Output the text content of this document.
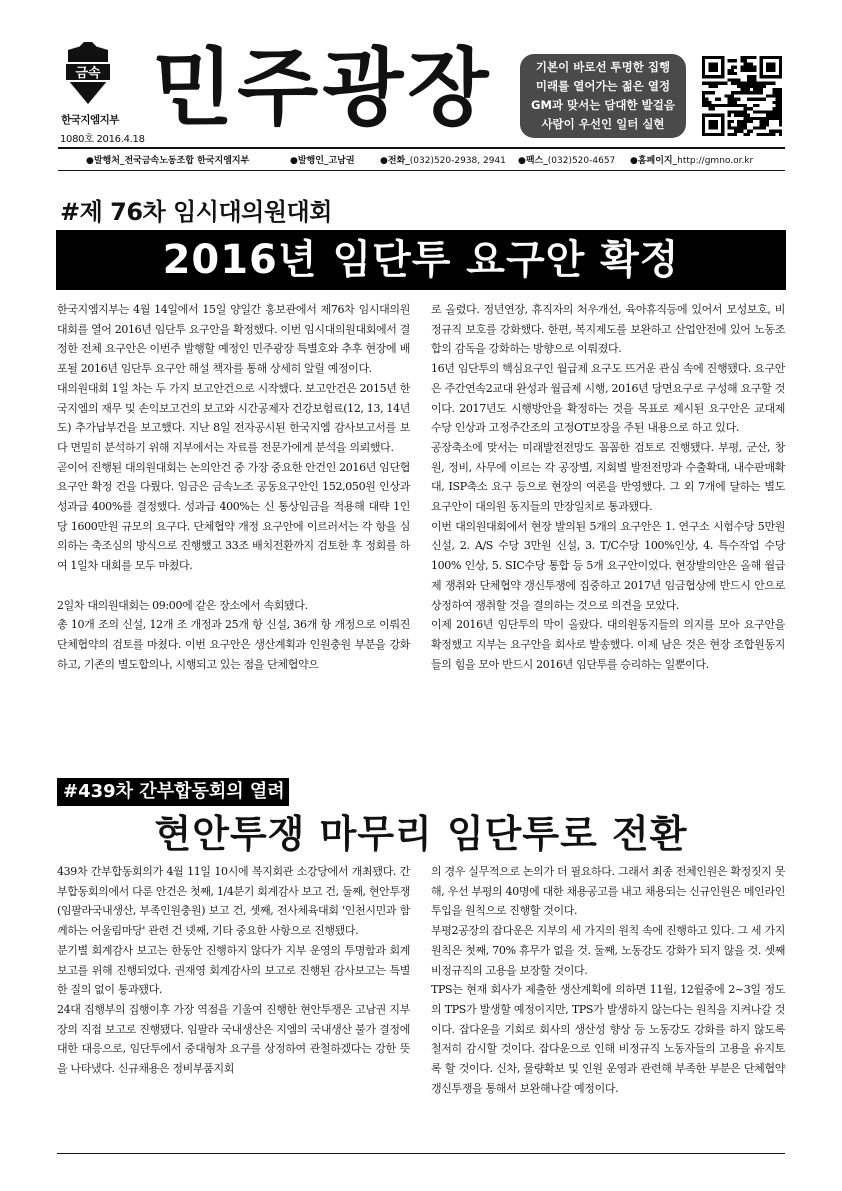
금속
한국지엠지부
1080호 2016.4.18
민주광장	기본이 바로선 투명한 집행
미래를 열어가는 젊은 열정
GM과 맞서는 담대한 발걸음
사람이 우선인 일터 실현
●발행처_전국금속노동조합 한국지엠지부	●발행인_고남권	●전화_(032)520-2938, 2941 ●팩스_(032)520-4657 ●홈페이지_http://gmno.or.kr
#제 76차 임시대의원대회
2016년 임단투 요구안 확정

한국지엠지부는 4월 14일에서 15일 양일간 홍보관에서 제76차 임시대의원대회를 열어 2016년 임단투 요구안을 확정했다. 이번 임시대의원대회에서 결정한 전체 요구안은 이번주 발행할 예정인 민주광장 특별호와 추후 현장에 배포될 2016년 임단투 요구안 해설 책자를 통해 상세히 알릴 예정이다.

대의원대회 1일 차는 두 가지 보고안건으로 시작했다. 보고안건은 2015년 한국지엠의 재무 및 손익보고건의 보고와 시간공제자 건강보험료(12, 13, 14년도) 추가납부건을 보고했다. 지난 8일 전자공시된 한국지엠 감사보고서를 보다 면밀히 분석하기 위해 지부에서는 자료를 전문가에게 분석을 의뢰했다.

곧이어 진행된 대의원대회는 논의안건 중 가장 중요한 안건인 2016년 임단협 요구안 확정 건을 다뤘다. 임금은 금속노조 공동요구안인 152,050원 인상과 성과급 400%를 결정했다. 성과급 400%는 신 통상임금을 적용해 대략 1인당 1600만원 규모의 요구다. 단체협약 개정 요구안에 이르러서는 각 항을 심의하는 축조심의 방식으로 진행했고 33조 배치전환까지 검토한 후 정회를 하여 1일차 대회를 모두 마쳤다.

2일차 대의원대회는 09:00에 같은 장소에서 속회됐다.

총 10개 조의 신설, 12개 조 개정과 25개 항 신설, 36개 항 개정으로 이뤄진 단체협약의 검토를 마쳤다. 이번 요구안은 생산계획과 인원충원 부분을 강화하고, 기존의 별도합의나, 시행되고 있는 점을 단체협약으

로 올렸다. 정년연장, 휴직자의 처우개선, 육아휴직등에 있어서 모성보호, 비정규직 보호를 강화했다. 한편, 복지제도를 보완하고 산업안전에 있어 노동조합의 감독을 강화하는 방향으로 이뤄졌다.

16년 임단투의 핵심요구인 월급제 요구도 뜨거운 관심 속에 진행됐다. 요구안은 주간연속2교대 완성과 월급제 시행, 2016년 당면요구로 구성해 요구할 것이다. 2017년도 시행방안을 확정하는 것을 목표로 제시된 요구안은 교대제 수당 인상과 고정주간조의 고정OT보장을 주된 내용으로 하고 있다.

공장축소에 맞서는 미래발전전망도 꼼꼼한 검토로 진행됐다. 부평, 군산, 창원, 정비, 사무에 이르는 각 공장별, 지회별 발전전망과 수출확대, 내수판매확대, ISP축소 요구 등으로 현장의 여론을 반영했다. 그 외 7개에 달하는 별도 요구안이 대의원 동지들의 만장일치로 통과됐다.

이번 대의원대회에서 현장 발의된 5개의 요구안은 1. 연구소 시험수당 5만원 신설, 2. A/S 수당 3만원 신설, 3. T/C수당 100%인상, 4. 특수작업 수당 100% 인상, 5. SIC수당 통합 등 5개 요구안이었다. 현장발의안은 올해 월급제 쟁취와 단체협약 갱신투쟁에 집중하고 2017년 임금협상에 반드시 안으로 상정하여 쟁취할 것을 결의하는 것으로 의견을 모았다.

이제 2016년 임단투의 막이 올랐다. 대의원동지들의 의지를 모아 요구안을 확정했고 지부는 요구안을 회사로 발송했다. 이제 남은 것은 현장 조합원동지들의 힘을 모아 반드시 2016년 임단투를 승리하는 일뿐이다.

#439차 간부합동회의 열려
현안투쟁 마무리 임단투로 전환

439차 간부합동회의가 4월 11일 10시에 복지회관 소강당에서 개최됐다. 간부합동회의에서 다룬 안건은 첫째, 1/4분기 회계감사 보고 건, 둘째, 현안투쟁 (임팔라국내생산, 부족인원충원) 보고 건, 셋째, 전사체육대회 '인천시민과 함께하는 어울림마당' 관련 건 넷째, 기타 중요한 사항으로 진행됐다.

분기별 회계감사 보고는 한동안 진행하지 않다가 지부 운영의 투명함과 회계보고를 위해 진행되었다. 권재영 회계감사의 보고로 진행된 감사보고는 특별한 질의 없이 통과됐다.

24대 집행부의 집행이후 가장 역점을 기울여 진행한 현안투쟁은 고남권 지부장의 직접 보고로 진행됐다. 임팔라 국내생산은 지엠의 국내생산 불가 결정에 대한 대응으로, 임단투에서 중대형차 요구를 상정하여 관철하겠다는 강한 뜻을 나타냈다. 신규채용은 정비부품지회

의 경우 실무적으로 논의가 더 필요하다. 그래서 최종 전체인원은 확정짓지 못해, 우선 부평의 40명에 대한 채용공고를 내고 채용되는 신규인원은 메인라인 투입을 원칙으로 진행할 것이다.

부평2공장의 잡다운은 지부의 세 가지의 원칙 속에 진행하고 있다. 그 세 가지 원칙은 첫째, 70% 휴무가 없을 것. 둘째, 노동강도 강화가 되지 않을 것. 셋째 비정규직의 고용을 보장할 것이다.

TPS는 현재 회사가 제출한 생산계획에 의하면 11월, 12월중에 2~3일 정도의 TPS가 발생할 예정이지만, TPS가 발생하지 않는다는 원칙을 지켜나갈 것이다. 잡다운을 기회로 회사의 생산성 향상 등 노동강도 강화를 하지 않도록 철저히 감시할 것이다. 잡다운으로 인해 비정규직 노동자들의 고용을 유지토록 할 것이다. 신차, 물량확보 및 인원 운영과 관련해 부족한 부분은 단체협약 갱신투쟁을 통해서 보완해나갈 예정이다.
